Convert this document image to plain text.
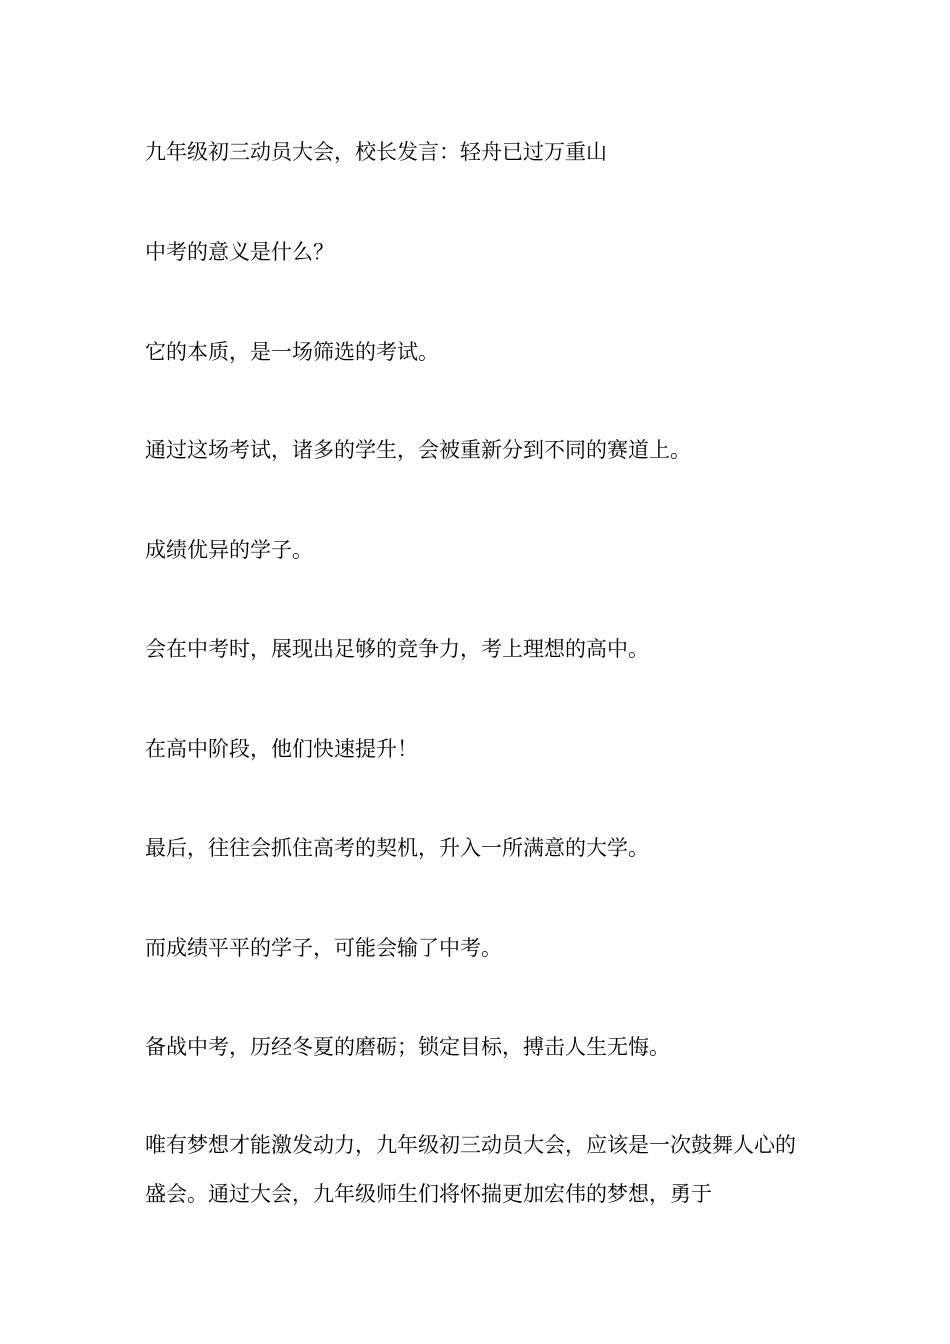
九年级初三动员大会，校长发言：轻舟已过万重山

中考的意义是什么？

它的本质，是一场筛选的考试。

通过这场考试，诸多的学生，会被重新分到不同的赛道上。

成绩优异的学子。

会在中考时，展现出足够的竞争力，考上理想的高中。

在高中阶段，他们快速提升！

最后，往往会抓住高考的契机，升入一所满意的大学。

而成绩平平的学子，可能会输了中考。

备战中考，历经冬夏的磨砺；锁定目标，搏击人生无悔。

唯有梦想才能激发动力，九年级初三动员大会，应该是一次鼓舞人心的盛会。通过大会，九年级师生们将怀揣更加宏伟的梦想，勇于
